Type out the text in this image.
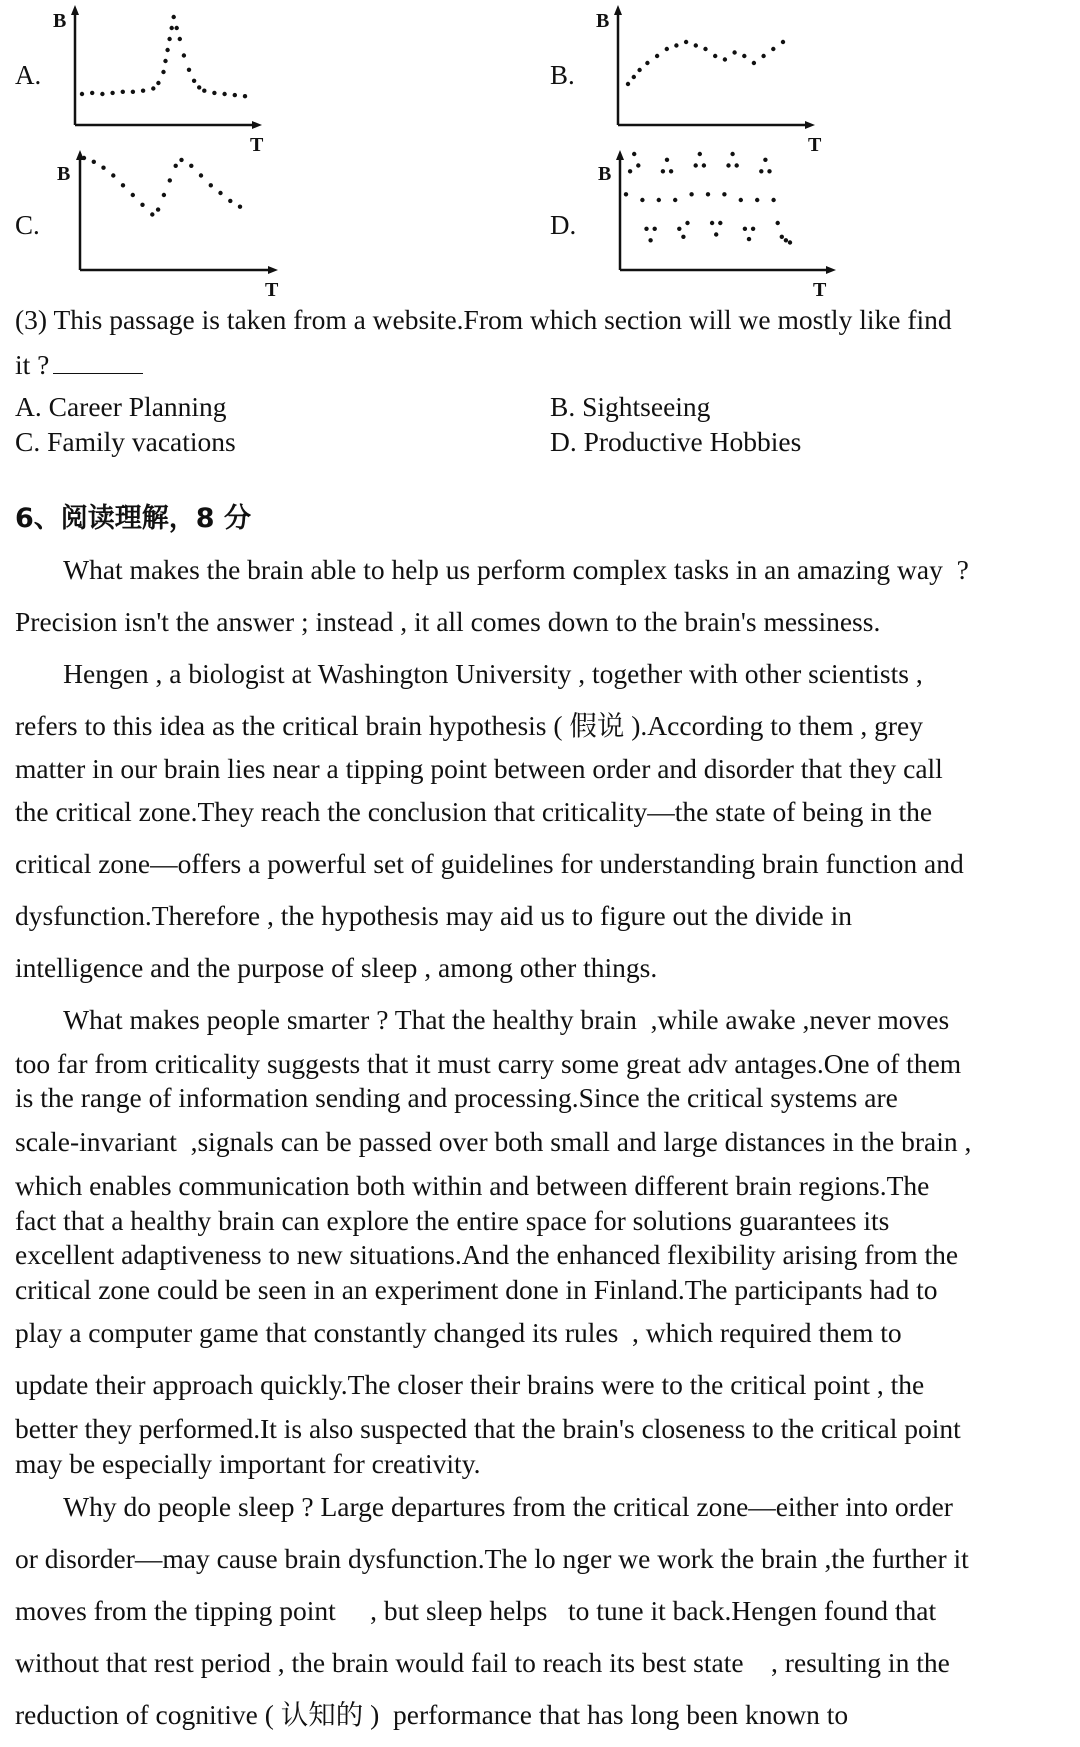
A.
B
T
B.
B
T
C.
B
T
D.
B
T
(3) This passage is taken from a website.From which section will we mostly like find
it ?
A. Career Planning	B. Sightseeing
C. Family vacations	D. Productive Hobbies
6、阅读理解，8 分
What makes the brain able to help us perform complex tasks in an amazing way  ?
Precision isn't the answer ; instead , it all comes down to the brain's messiness.
Hengen , a biologist at Washington University , together with other scientists ,
refers to this idea as the critical brain hypothesis ( 假说 ).According to them , grey
matter in our brain lies near a tipping point between order and disorder that they call
the critical zone.They reach the conclusion that criticality—the state of being in the
critical zone—offers a powerful set of guidelines for understanding brain function and
dysfunction.Therefore , the hypothesis may aid us to figure out the divide in
intelligence and the purpose of sleep , among other things.
What makes people smarter ? That the healthy brain  ,while awake ,never moves
too far from criticality suggests that it must carry some great adv antages.One of them
is the range of information sending and processing.Since the critical systems are
scale-invariant  ,signals can be passed over both small and large distances in the brain ,
which enables communication both within and between different brain regions.The
fact that a healthy brain can explore the entire space for solutions guarantees its
excellent adaptiveness to new situations.And the enhanced flexibility arising from the
critical zone could be seen in an experiment done in Finland.The participants had to
play a computer game that constantly changed its rules  , which required them to
update their approach quickly.The closer their brains were to the critical point , the
better they performed.It is also suspected that the brain's closeness to the critical point
may be especially important for creativity.
Why do people sleep ? Large departures from the critical zone—either into order
or disorder—may cause brain dysfunction.The lo nger we work the brain ,the further it
moves from the tipping point     , but sleep helps   to tune it back.Hengen found that
without that rest period , the brain would fail to reach its best state    , resulting in the
reduction of cognitive ( 认知的 )  performance that has long been known to
